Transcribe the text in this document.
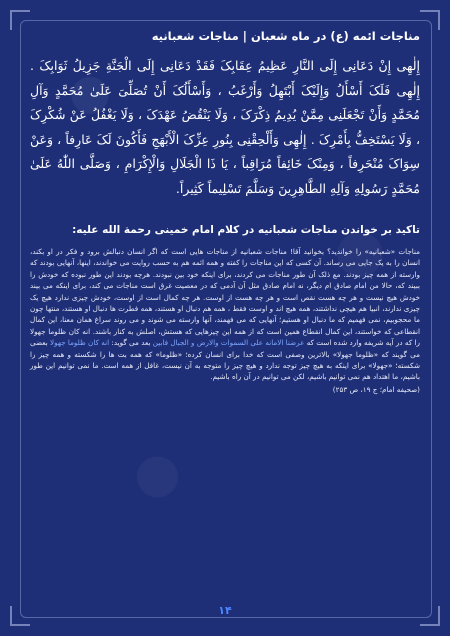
مناجات ائمه (ع) در ماه شعبان | مناجات شعبانیه

إِلٰهِی إِنْ دَعَانِی إِلَی النَّارِ عَظِیمُ عِقَابِکَ فَقَدْ دَعَانِی إِلَی الْجَنَّةِ جَزِیلُ ثَوَابِکَ . إِلٰهِی فَلَکَ أَسْأَلُ وَإِلَیْکَ أَبْتَهِلُ وَأَرْغَبُ ، وَأَسْأَلُکَ أَنْ تُصَلِّیَ عَلَىٰ مُحَمَّدٍ وَآلِ مُحَمَّدٍ وَأَنْ تَجْعَلَنِی مِمَّنْ یُدِیمُ ذِکْرَکَ ، وَلَا یَنْقُضُ عَهْدَکَ ، وَلَا یَغْفُلُ عَنْ شُکْرِکَ ، وَلَا یَسْتَخِفُّ بِأَمْرِکَ . إِلٰهِی وَأَلْحِقْنِی بِنُورِ عِزِّکَ الْأَبْهَجِ فَأَکُونَ لَکَ عَارِفاً ، وَعَنْ سِوَاکَ مُنْحَرِفاً ، وَمِنْکَ خَائِفاً مُرَاقِباً ، یَا ذَا الْجَلَالِ وَالْإِکْرَامِ ، وَصَلَّی اللّٰهُ عَلَىٰ مُحَمَّدٍ رَسُولِهِ وَآلِهِ الطَّاهِرِینَ وَسَلَّمَ تَسْلِیماً کَثِیراً.

تاکید بر خواندن مناجات شعبانیه در کلام امام خمینی رحمة الله علیه:

مناجات «شعبانیه» را خواندید؟ بخوانید آقا! مناجات شعبانیه از مناجات هایی است که اگر انسان دنبالش برود و فکر در او بکند، انسان را به یک جایی می رساند. آن کسی که این مناجات را کفته و همه ائمه هم به حسب روایت می خواندند، اینها، آنهایی بودند که وارسته از همه چیز بودند. مع ذلک آن طور مناجات می کردند، برای اینکه خود بین نبودند. هرچه بودند این طور نبوده که خودش را ببیند که، حالا من امام صادق ام دیگر، نه امام صادق مثل آن آدمی که در معصیت غرق است مناجات می کند، برای اینکه می بیند خودش هیچ نیست و هر چه هست نقص است و هر چه هست از اوست. هر چه کمال است از اوست، خودش چیزی ندارد هیچ یک چیزی ندارند، انبیا هم هیچی نداشتند، همه هیچ اند و اوست فقط ، همه هم دنبال او هستند، همه فطرت ها دنبال او هستند، منتها چون ما محجوبیم، نمی فهمیم که ما دنبال او هستیم؛ آنهایی که می فهمند، آنها وارسته می شوند و می روند سراغ همان معنا، این کمال انقطاعی که خواستند، این کمال انقطاع همین است که از همه این چیزهایی که هستش، اصلش به کنار باشند. انه کان ظلوما جهولا را که در آیه شریفه وارد شده است که عرضنا الامانه علی السموات والارض و الجبال فابین بعد می گوید: انه کان ظلوما جهولا بعضی می گویند که «ظلوما جهولا» بالاترین وصفی است که خدا برای انسان کرده؛ «ظلوما» که همه بت ها را شکسته و همه چیز را شکسته؛ «جهولا» برای اینکه به هیچ چیز توجه ندارد و هیچ چیز را متوجه به آن نیست، غافل از همه است. ما نمی توانیم این طور باشیم، ما اهتداد هم نمی توانیم باشیم، لکن می توانیم در آن راه باشیم.

(صحیفه امام؛ ج ۱۹، ص ۲۵۳)

۱۴
